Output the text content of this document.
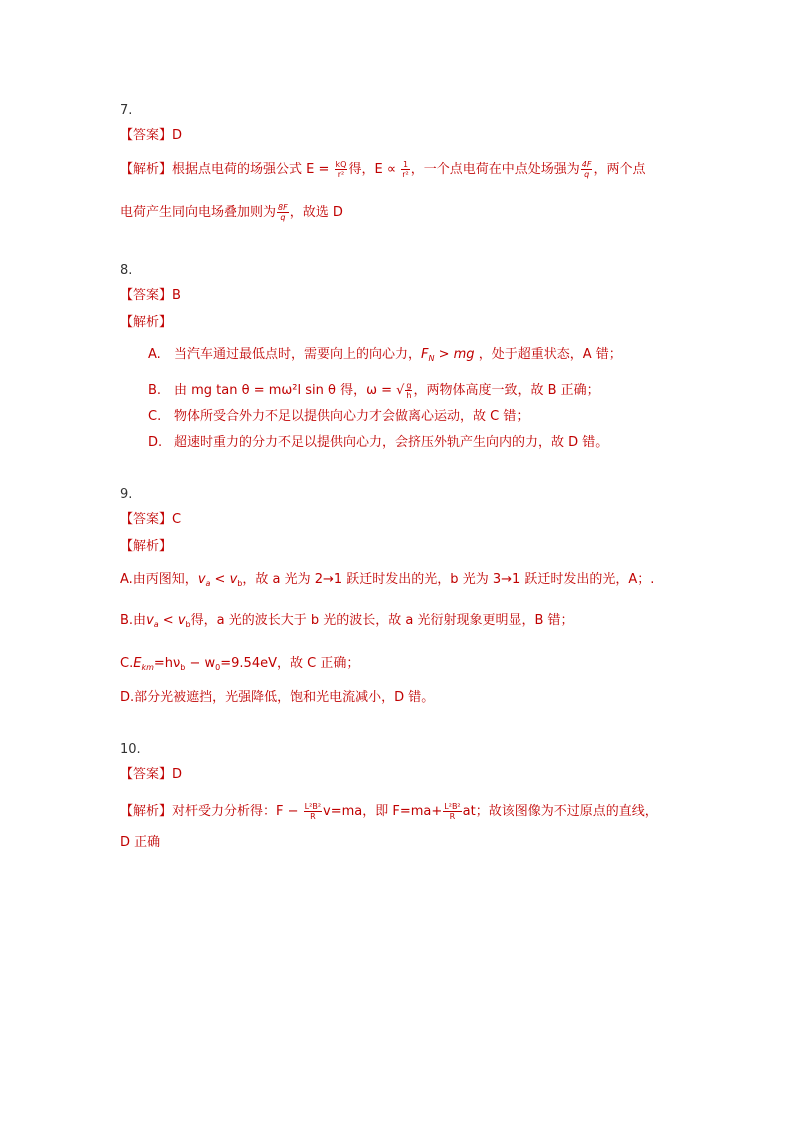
7.
【答案】D
【解析】根据点电荷的场强公式 $E = \frac{kQ}{\text{r²}}$ 得，$E \propto \frac{1}{\text{r²}}$ ，一个点电荷在中点处场强为 $\frac{4F}{q}$ ，两个点
电荷产生同向电场叠加则为 $\frac{8F}{q}$ ，故选 D
8.
【答案】B
【解析】
A. 当汽车通过最低点时，需要向上的向心力，$F_N$ > mg ，处于超重状态，A 错；
B. 由 mg tan θ = mω²l sin θ 得，ω = √ $\frac{g}{h}$ ，两物体高度一致，故 B 正确；
C. 物体所受合外力不足以提供向心力才会做离心运动，故 C 错；
D. 超速时重力的分力不足以提供向心力，会挤压外轨产生向内的力，故 D 错。
9.
【答案】C
【解析】
A.由丙图知，$v_a < v_b$，故 a 光为 2→1 跃迁时发出的光，b 光为 3→1 跃迁时发出的光，A；.
B.由$v_a < v_b$得，a 光的波长大于 b 光的波长，故 a 光衍射现象更明显，B 错；
$C.E_{km}=h\nu_b - w_0=9.54eV$，故 C 正确；
D.部分光被遮挡，光强降低，饱和光电流减小，D 错。
10.
【答案】D
【解析】对杆受力分析得：$F - \frac{\text{L²B²}}{R} v=ma$，即 $F=ma+ \frac{\text{L²B²}}{R}$ at；故该图像为不过原点的直线，
D 正确
